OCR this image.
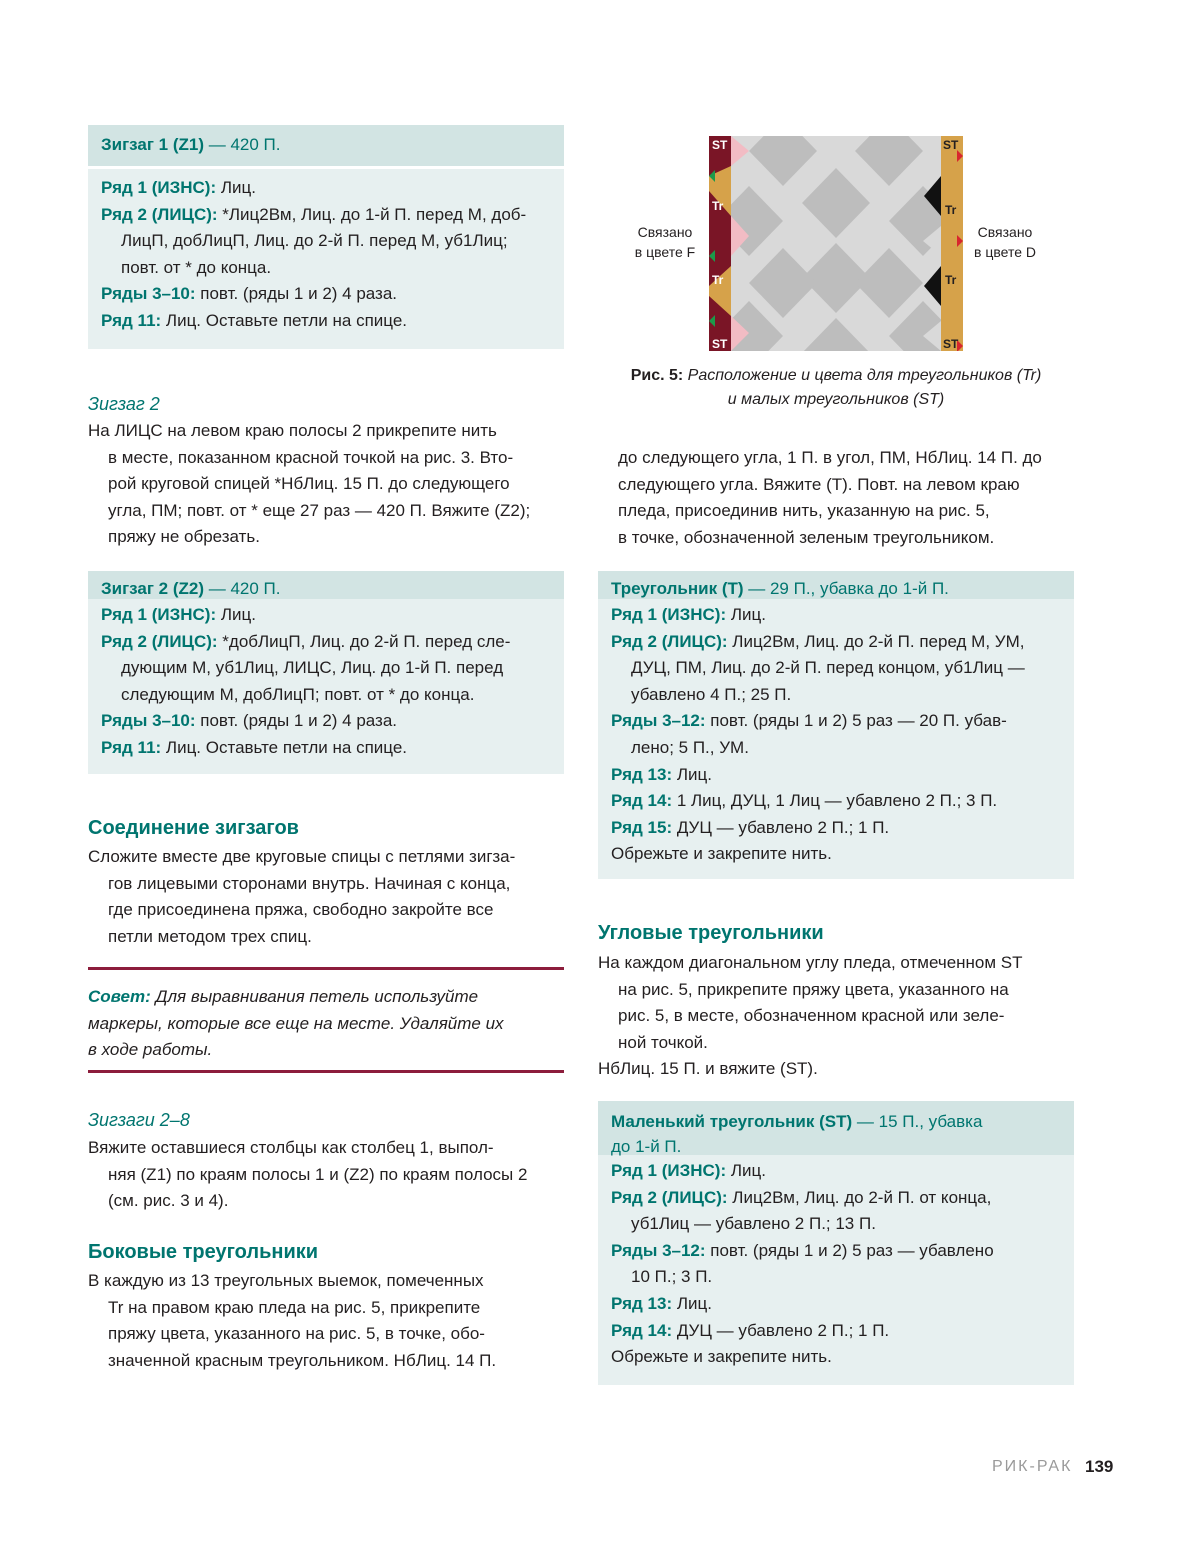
Зигзаг 1 (Z1) — 420 П.
Ряд 1 (ИЗНС): Лиц.
Ряд 2 (ЛИЦС): *Лиц2Вм, Лиц. до 1-й П. перед М, доб-
ЛицП, добЛицП, Лиц. до 2-й П. перед М, уб1Лиц;
повт. от * до конца.
Ряды 3–10: повт. (ряды 1 и 2) 4 раза.
Ряд 11: Лиц. Оставьте петли на спице.
Зигзаг 2
На ЛИЦС на левом краю полосы 2 прикрепите нить
в месте, показанном красной точкой на рис. 3. Вто-
рой круговой спицей *НбЛиц. 15 П. до следующего
угла, ПМ; повт. от * еще 27 раз — 420 П. Вяжите (Z2);
пряжу не обрезать.
Зигзаг 2 (Z2) — 420 П.
Ряд 1 (ИЗНС): Лиц.
Ряд 2 (ЛИЦС): *добЛицП, Лиц. до 2-й П. перед сле-
дующим М, уб1Лиц, ЛИЦС, Лиц. до 1-й П. перед
следующим М, добЛицП; повт. от * до конца.
Ряды 3–10: повт. (ряды 1 и 2) 4 раза.
Ряд 11: Лиц. Оставьте петли на спице.
Соединение зигзагов
Сложите вместе две круговые спицы с петлями зигза-
гов лицевыми сторонами внутрь. Начиная с конца,
где присоединена пряжа, свободно закройте все
петли методом трех спиц.
Совет: Для выравнивания петель используйте
маркеры, которые все еще на месте. Удаляйте их
в ходе работы.
Зигзаги 2–8
Вяжите оставшиеся столбцы как столбец 1, выпол-
няя (Z1) по краям полосы 1 и (Z2) по краям полосы 2
(см. рис. 3 и 4).
Боковые треугольники
В каждую из 13 треугольных выемок, помеченных
Tr на правом краю пледа на рис. 5, прикрепите
пряжу цвета, указанного на рис. 5, в точке, обо-
значенной красным треугольником. НбЛиц. 14 П.
ST
ST
Tr
Tr
ST
ST
Tr
Tr
Связано
в цвете F
Связано
в цвете D
Рис. 5: Расположение и цвета для треугольников (Tr)
и малых треугольников (ST)
до следующего угла, 1 П. в угол, ПМ, НбЛиц. 14 П. до
следующего угла. Вяжите (T). Повт. на левом краю
пледа, присоединив нить, указанную на рис. 5,
в точке, обозначенной зеленым треугольником.
Треугольник (T) — 29 П., убавка до 1-й П.
Ряд 1 (ИЗНС): Лиц.
Ряд 2 (ЛИЦС): Лиц2Вм, Лиц. до 2-й П. перед М, УМ,
ДУЦ, ПМ, Лиц. до 2-й П. перед концом, уб1Лиц —
убавлено 4 П.; 25 П.
Ряды 3–12: повт. (ряды 1 и 2) 5 раз — 20 П. убав-
лено; 5 П., УМ.
Ряд 13: Лиц.
Ряд 14: 1 Лиц, ДУЦ, 1 Лиц — убавлено 2 П.; 3 П.
Ряд 15: ДУЦ — убавлено 2 П.; 1 П.
Обрежьте и закрепите нить.
Угловые треугольники
На каждом диагональном углу пледа, отмеченном ST
на рис. 5, прикрепите пряжу цвета, указанного на
рис. 5, в месте, обозначенном красной или зеле-
ной точкой.
НбЛиц. 15 П. и вяжите (ST).
Маленький треугольник (ST) — 15 П., убавка
до 1-й П.
Ряд 1 (ИЗНС): Лиц.
Ряд 2 (ЛИЦС): Лиц2Вм, Лиц. до 2-й П. от конца,
уб1Лиц — убавлено 2 П.; 13 П.
Ряды 3–12: повт. (ряды 1 и 2) 5 раз — убавлено
10 П.; 3 П.
Ряд 13: Лиц.
Ряд 14: ДУЦ — убавлено 2 П.; 1 П.
Обрежьте и закрепите нить.
РИК-РАК 139
